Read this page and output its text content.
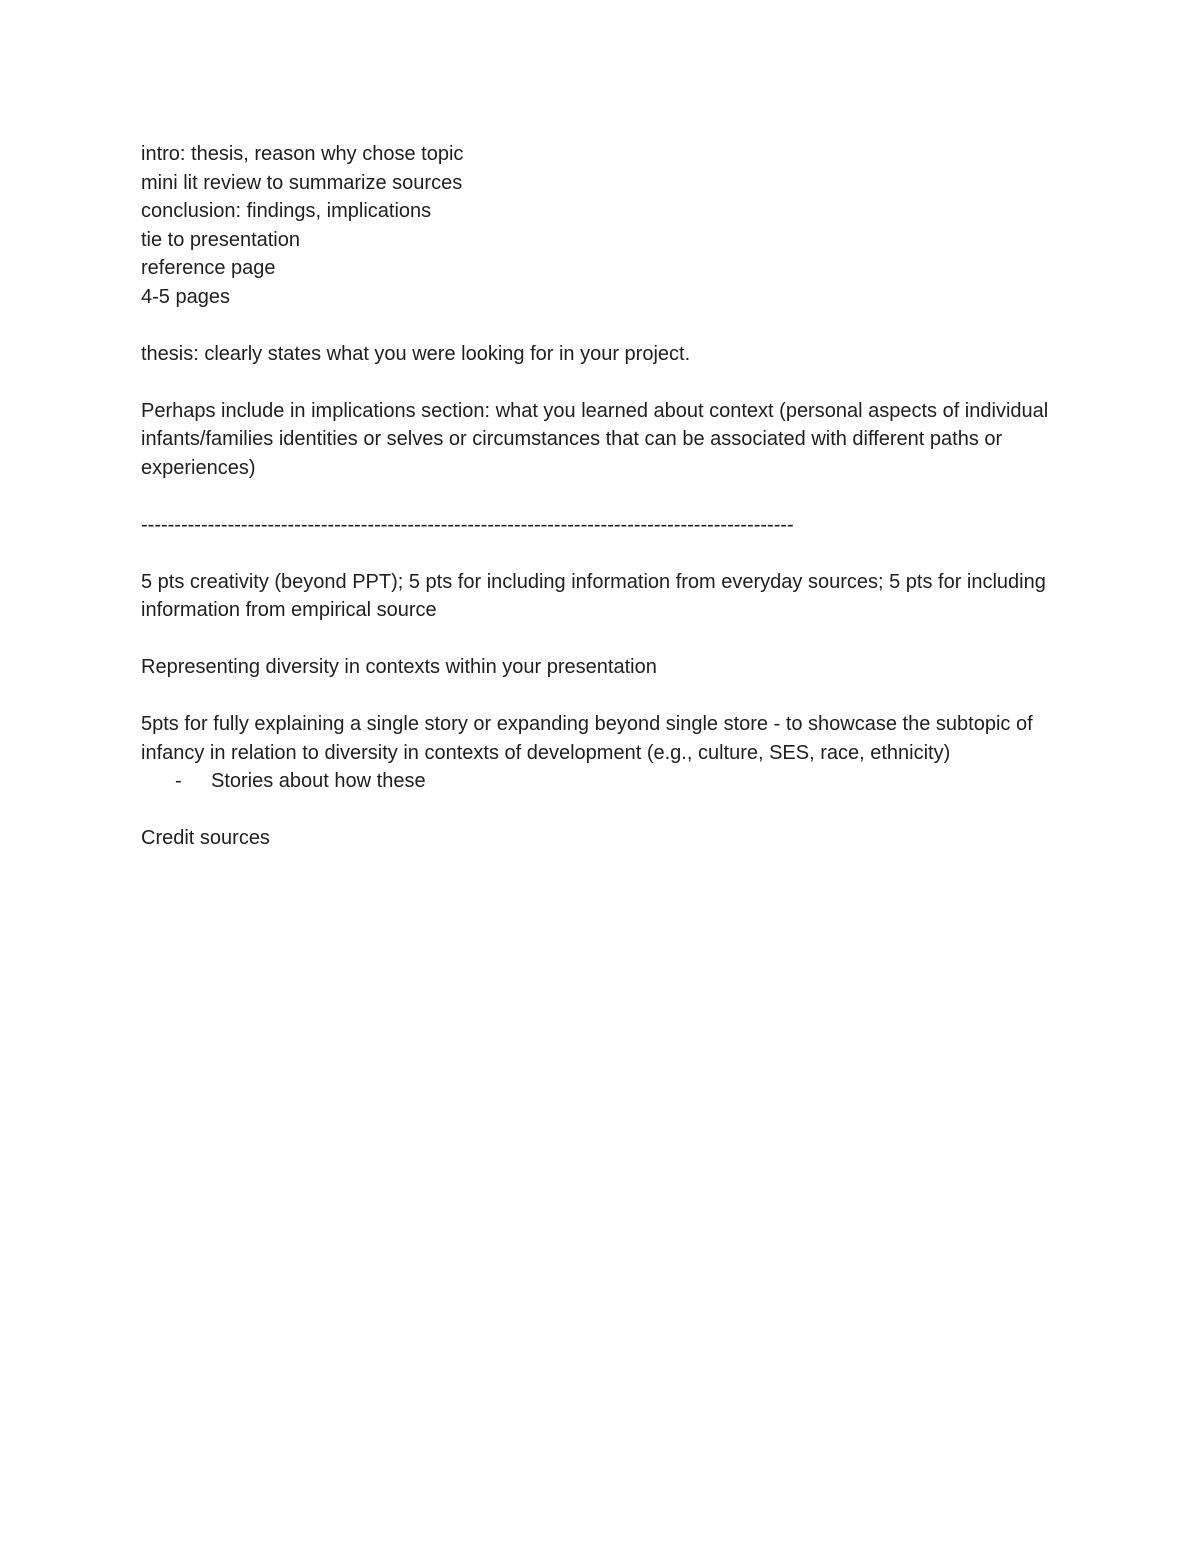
intro: thesis, reason why chose topic
mini lit review to summarize sources
conclusion: findings, implications
tie to presentation
reference page
4-5 pages
thesis: clearly states what you were looking for in your project.
Perhaps include in implications section: what you learned about context (personal aspects of individual infants/families identities or selves or circumstances that can be associated with different paths or experiences)
--------------------------------------------------------------------------------------------------
5 pts creativity (beyond PPT); 5 pts for including information from everyday sources; 5 pts for including information from empirical source
Representing diversity in contexts within your presentation
5pts for fully explaining a single story or expanding beyond single store - to showcase the subtopic of infancy in relation to diversity in contexts of development (e.g., culture, SES, race, ethnicity)
- Stories about how these
Credit sources
